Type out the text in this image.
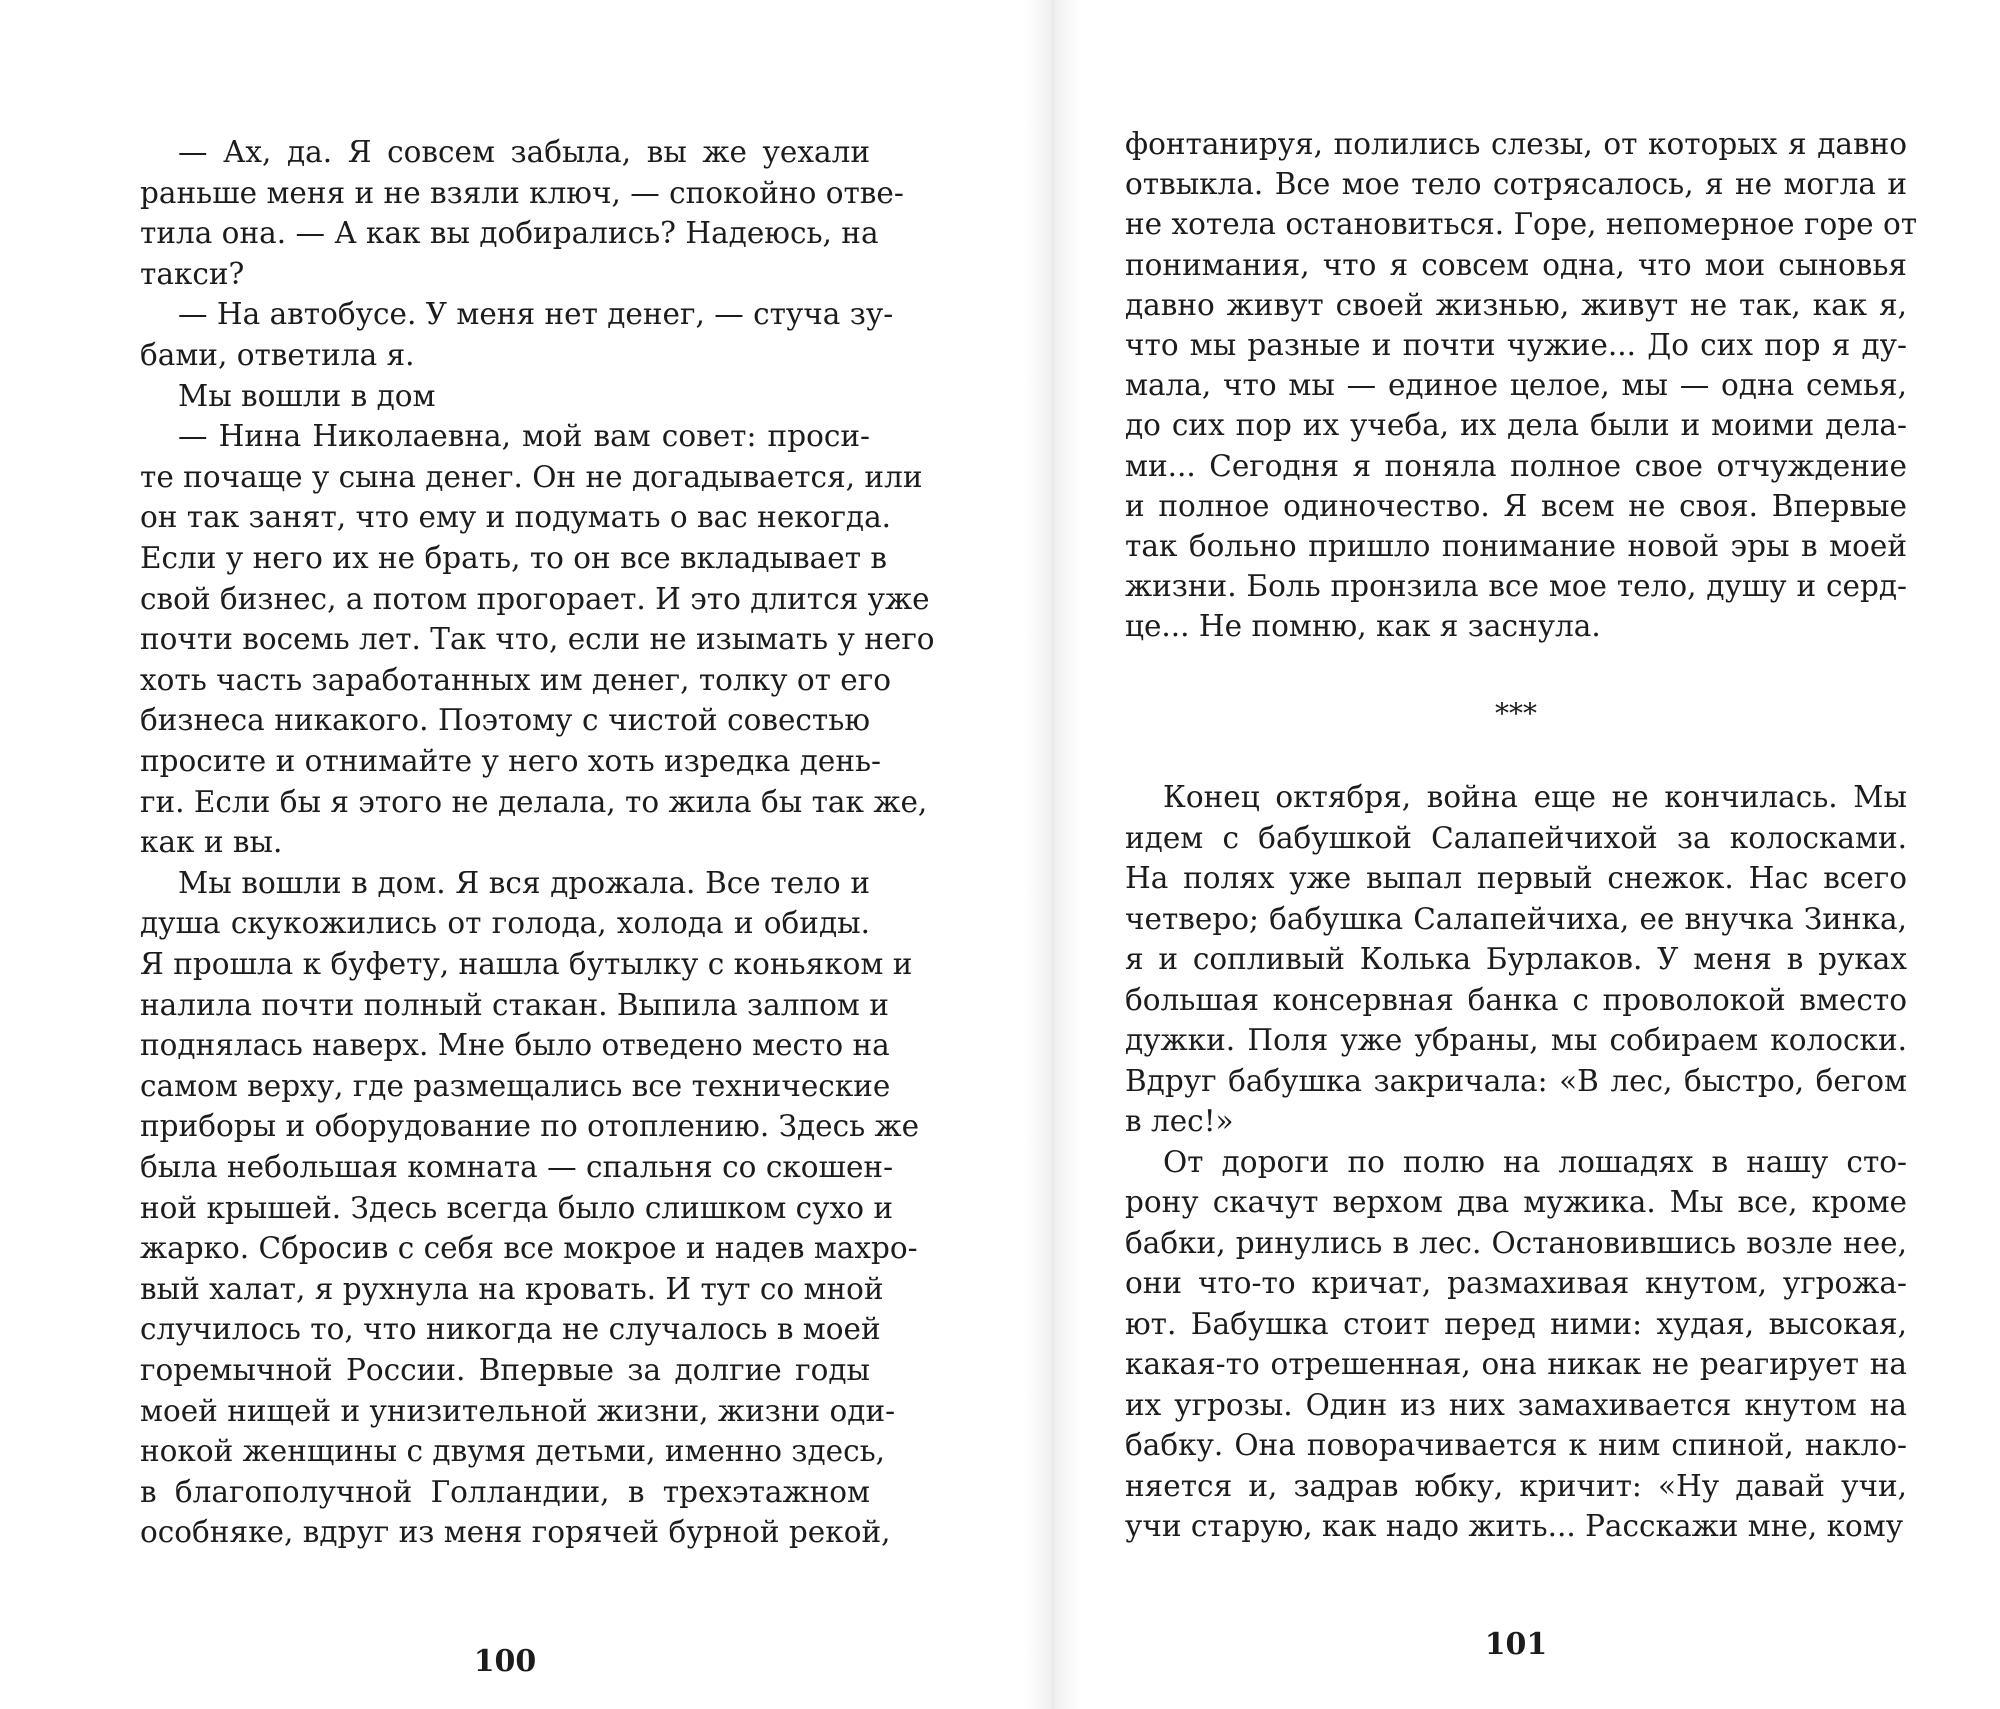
— Ах, да. Я совсем забыла, вы же уехали
раньше меня и не взяли ключ, — спокойно отве-
тила она. — А как вы добирались? Надеюсь, на
такси?
— На автобусе. У меня нет денег, — стуча зу-
бами, ответила я.
Мы вошли в дом
— Нина Николаевна, мой вам совет: проси-
те почаще у сына денег. Он не догадывается, или
он так занят, что ему и подумать о вас некогда.
Если у него их не брать, то он все вкладывает в
свой бизнес, а потом прогорает. И это длится уже
почти восемь лет. Так что, если не изымать у него
хоть часть заработанных им денег, толку от его
бизнеса никакого. Поэтому с чистой совестью
просите и отнимайте у него хоть изредка день-
ги. Если бы я этого не делала, то жила бы так же,
как и вы.
Мы вошли в дом. Я вся дрожала. Все тело и
душа скукожились от голода, холода и обиды.
Я прошла к буфету, нашла бутылку с коньяком и
налила почти полный стакан. Выпила залпом и
поднялась наверх. Мне было отведено место на
самом верху, где размещались все технические
приборы и оборудование по отоплению. Здесь же
была небольшая комната — спальня со скошен-
ной крышей. Здесь всегда было слишком сухо и
жарко. Сбросив с себя все мокрое и надев махро-
вый халат, я рухнула на кровать. И тут со мной
случилось то, что никогда не случалось в моей
горемычной России. Впервые за долгие годы
моей нищей и унизительной жизни, жизни оди-
нокой женщины с двумя детьми, именно здесь,
в благополучной Голландии, в трехэтажном
особняке, вдруг из меня горячей бурной рекой,
100
фонтанируя, полились слезы, от которых я давно
отвыкла. Все мое тело сотрясалось, я не могла и
не хотела остановиться. Горе, непомерное горе от
понимания, что я совсем одна, что мои сыновья
давно живут своей жизнью, живут не так, как я,
что мы разные и почти чужие... До сих пор я ду-
мала, что мы — единое целое, мы — одна семья,
до сих пор их учеба, их дела были и моими дела-
ми... Сегодня я поняла полное свое отчуждение
и полное одиночество. Я всем не своя. Впервые
так больно пришло понимание новой эры в моей
жизни. Боль пронзила все мое тело, душу и серд-
це... Не помню, как я заснула.
Конец октября, война еще не кончилась. Мы
идем с бабушкой Салапейчихой за колосками.
На полях уже выпал первый снежок. Нас всего
четверо; бабушка Салапейчиха, ее внучка Зинка,
я и сопливый Колька Бурлаков. У меня в руках
большая консервная банка с проволокой вместо
дужки. Поля уже убраны, мы собираем колоски.
Вдруг бабушка закричала: «В лес, быстро, бегом
в лес!»
От дороги по полю на лошадях в нашу сто-
рону скачут верхом два мужика. Мы все, кроме
бабки, ринулись в лес. Остановившись возле нее,
они что-то кричат, размахивая кнутом, угрожа-
ют. Бабушка стоит перед ними: худая, высокая,
какая-то отрешенная, она никак не реагирует на
их угрозы. Один из них замахивается кнутом на
бабку. Она поворачивается к ним спиной, накло-
няется и, задрав юбку, кричит: «Ну давай учи,
учи старую, как надо жить... Расскажи мне, кому
***
101
